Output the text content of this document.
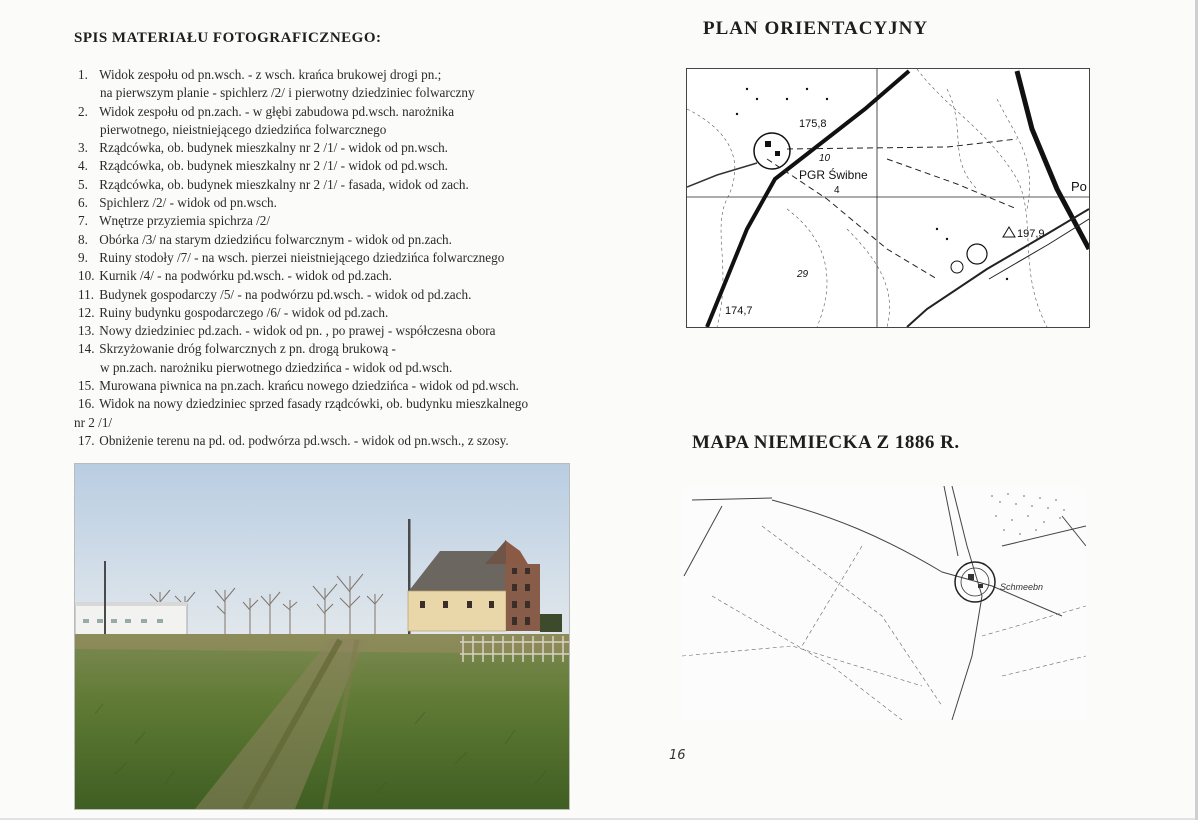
SPIS MATERIAŁU FOTOGRAFICZNEGO:
1. Widok zespołu od pn.wsch. - z wsch. krańca brukowej drogi pn.;
na pierwszym planie - spichlerz /2/ i pierwotny dziedziniec folwarczny
2. Widok zespołu od pn.zach. - w głębi zabudowa pd.wsch. narożnika
pierwotnego, nieistniejącego dziedzińca folwarcznego
3. Rządcówka, ob. budynek mieszkalny nr 2 /1/ - widok od pn.wsch.
4. Rządcówka, ob. budynek mieszkalny nr 2 /1/ - widok od pd.wsch.
5. Rządcówka, ob. budynek mieszkalny nr 2 /1/ - fasada, widok od zach.
6. Spichlerz /2/ - widok od pn.wsch.
7. Wnętrze przyziemia spichrza /2/
8. Obórka /3/ na starym dziedzińcu folwarcznym - widok od pn.zach.
9. Ruiny stodoły /7/ - na wsch. pierzei nieistniejącego dziedzińca folwarcznego
10. Kurnik /4/ - na podwórku pd.wsch. - widok od pd.zach.
11. Budynek gospodarczy /5/ - na podwórzu pd.wsch. - widok od pd.zach.
12. Ruiny budynku gospodarczego /6/ - widok od pd.zach.
13. Nowy dziedziniec pd.zach. - widok od pn. , po prawej - współczesna obora
14. Skrzyżowanie dróg folwarcznych z pn. drogą brukową -
w pn.zach. narożniku pierwotnego dziedzińca - widok od pd.wsch.
15. Murowana piwnica na pn.zach. krańcu nowego dziedzińca - widok od pd.wsch.
16. Widok na nowy dziedziniec sprzed fasady rządcówki, ob. budynku mieszkalnego
nr 2 /1/
17. Obniżenie terenu na pd. od. podwórza pd.wsch. - widok od pn.wsch., z szosy.
PLAN ORIENTACYJNY
175,8
10
PGR Świbne
4
29
174,7
197,9
Po
MAPA NIEMIECKA Z 1886 R.
Schmeebn
16
